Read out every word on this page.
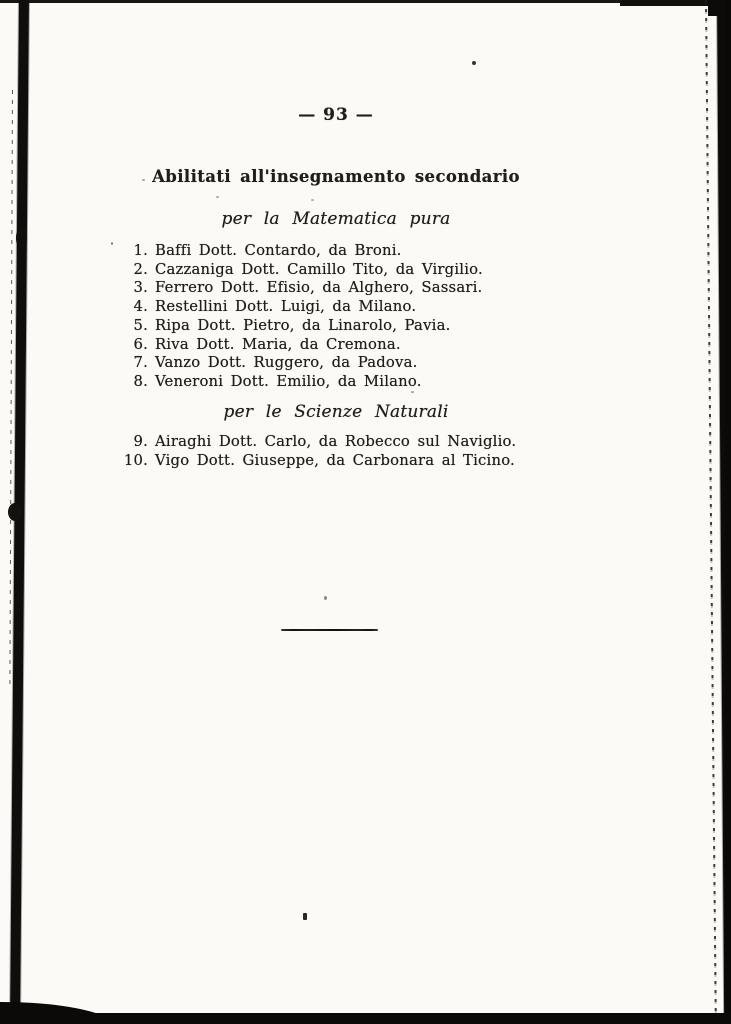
— 93 —
Abilitati all'insegnamento secondario
per la Matematica pura
1. Baffi Dott. Contardo, da Broni.
2. Cazzaniga Dott. Camillo Tito, da Virgilio.
3. Ferrero Dott. Efisio, da Alghero, Sassari.
4. Restellini Dott. Luigi, da Milano.
5. Ripa Dott. Pietro, da Linarolo, Pavia.
6. Riva Dott. Maria, da Cremona.
7. Vanzo Dott. Ruggero, da Padova.
8. Veneroni Dott. Emilio, da Milano.
per le Scienze Naturali
9. Airaghi Dott. Carlo, da Robecco sul Naviglio.
10. Vigo Dott. Giuseppe, da Carbonara al Ticino.
